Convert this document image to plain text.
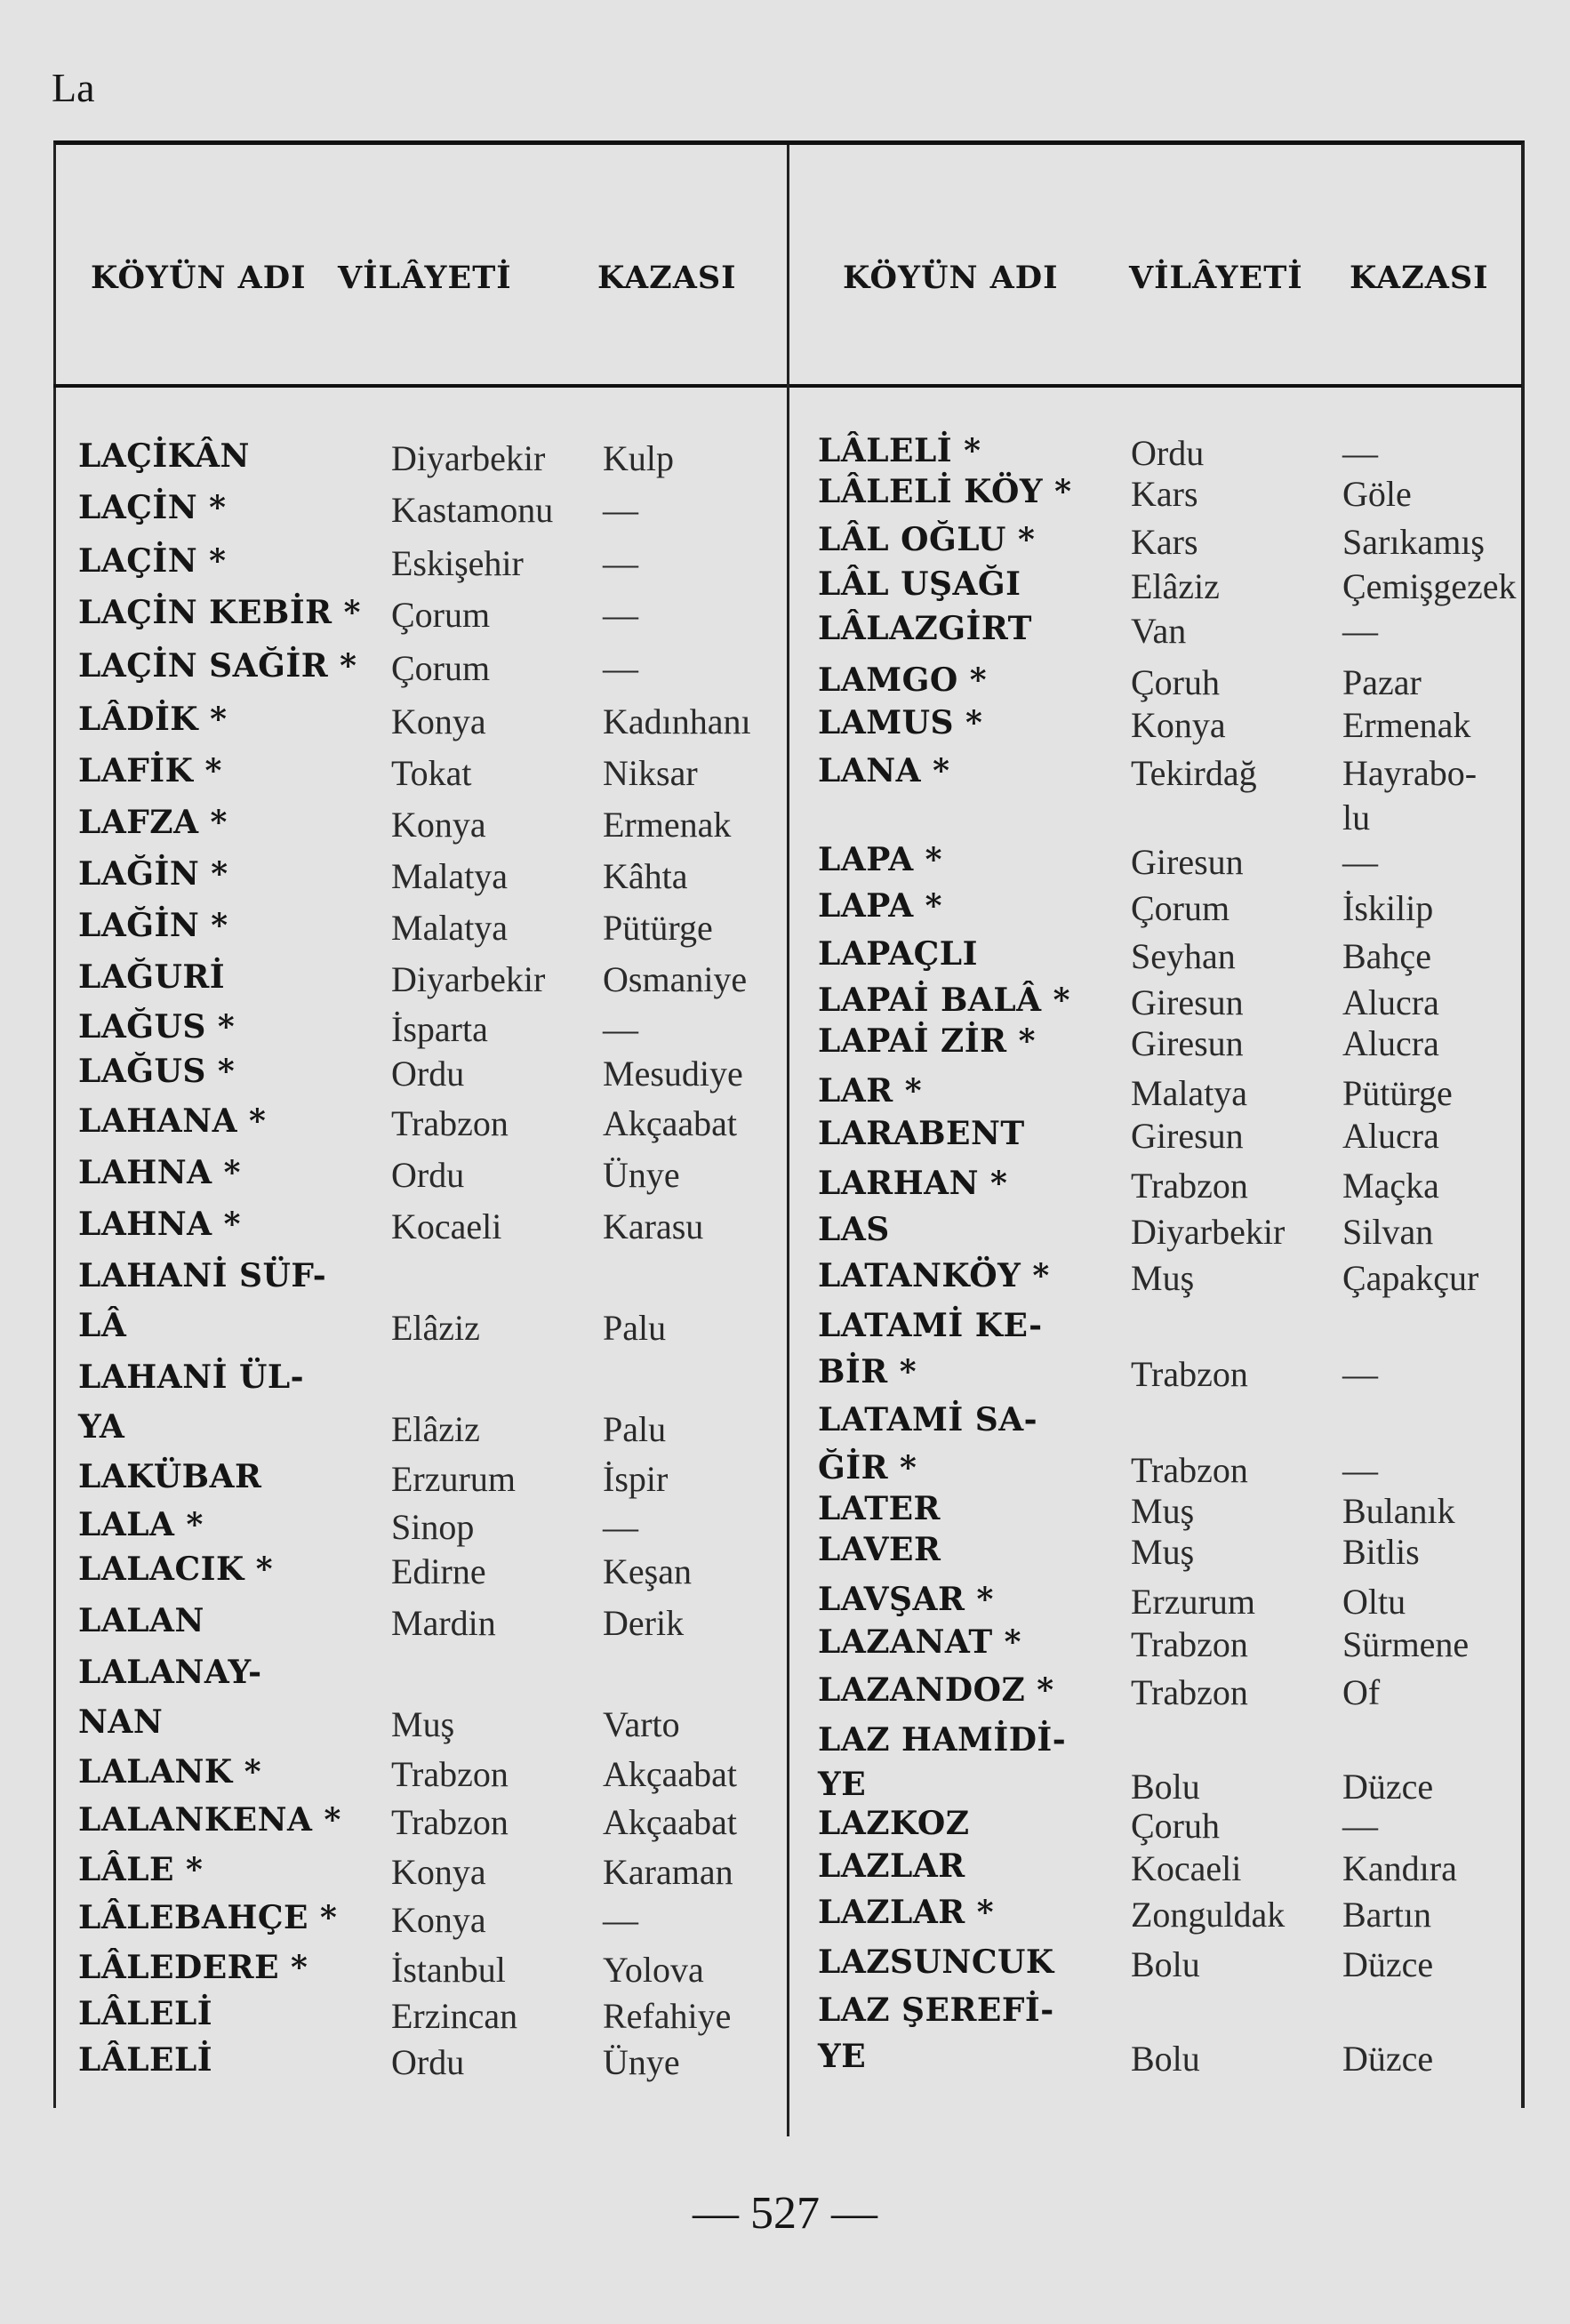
La
KÖYÜN ADI VİLÂYETİ	KAZASI	KÖYÜN ADI VİLÂYETİ KAZASI
LAÇİKÂN	Diyarbekir Kulp
LAÇİN *	Kastamonu —
LAÇİN *	Eskişehir —
LAÇİN KEBİR * Çorum	—
LAÇİN SAĞİR * Çorum	—
LÂDİK *	Konya	Kadınhanı
LAFİK *	Tokat	Niksar
LAFZA *	Konya	Ermenak
LAĞİN *	Malatya	Kâhta
LAĞİN *	Malatya	Pütürge
LAĞURİ	Diyarbekir Osmaniye
LAĞUS *	İsparta	—
LAĞUS *	Ordu	Mesudiye
LAHANA *	Trabzon	Akçaabat
LAHNA *	Ordu	Ünye
LAHNA *	Kocaeli	Karasu
LAHANİ SÜF-
LÂ	Elâziz	Palu
LAHANİ ÜL-
YA	Elâziz	Palu
LAKÜBAR	Erzurum İspir
LALA *	Sinop	—
LALACIK *	Edirne	Keşan
LALAN	Mardin	Derik
LALANAY-
NAN	Muş	Varto
LALANK *	Trabzon	Akçaabat
LALANKENA * Trabzon	Akçaabat
LÂLE *	Konya	Karaman
LÂLEBAHÇE * Konya	—
LÂLEDERE * İstanbul	Yolova
LÂLELİ	Erzincan Refahiye
LÂLELİ	Ordu	Ünye
LÂLELİ *	Ordu	—
LÂLELİ KÖY * Kars	Göle
LÂL OĞLU *	Kars	Sarıkamış
LÂL UŞAĞI	Elâziz	Çemişgezek
LÂLAZGİRT	Van	—
LAMGO *	Çoruh	Pazar
LAMUS *	Konya	Ermenak
LANA *	Tekirdağ Hayrabo-
lu
LAPA *	Giresun	—
LAPA *	Çorum	İskilip
LAPAÇLI	Seyhan	Bahçe
LAPAİ BALÂ * Giresun	Alucra
LAPAİ ZİR *	Giresun	Alucra
LAR *	Malatya	Pütürge
LARABENT	Giresun	Alucra
LARHAN *	Trabzon	Maçka
LAS	Diyarbekir Silvan
LATANKÖY * Muş	Çapakçur
LATAMİ KE-
BİR *	Trabzon	—
LATAMİ SA-
ĞİR *	Trabzon	—
LATER	Muş	Bulanık
LAVER	Muş	Bitlis
LAVŞAR *	Erzurum Oltu
LAZANAT *	Trabzon	Sürmene
LAZANDOZ * Trabzon	Of
LAZ HAMİDİ-
YE	Bolu	Düzce
LAZKOZ	Çoruh	—
LAZLAR	Kocaeli	Kandıra
LAZLAR *	Zonguldak Bartın
LAZSUNCUK Bolu	Düzce
LAZ ŞEREFİ-
YE	Bolu	Düzce
— 527 —
